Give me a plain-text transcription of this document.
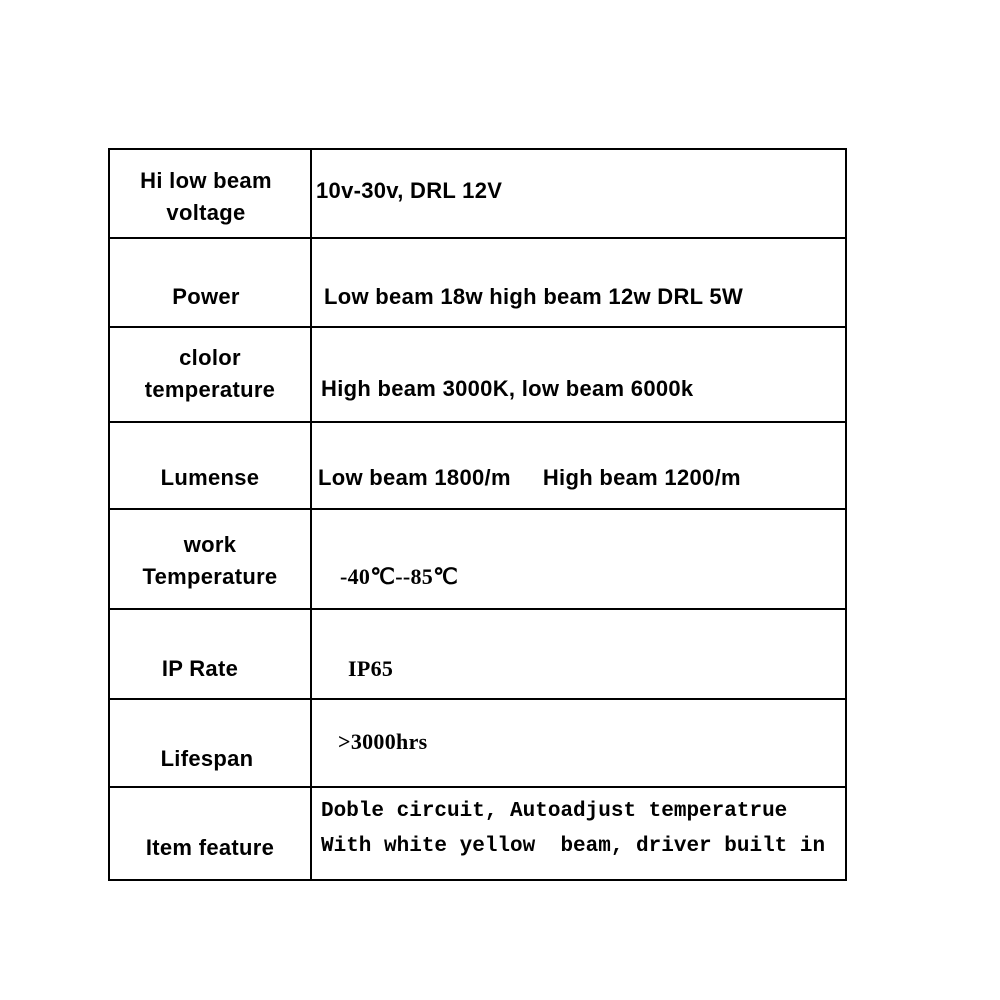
Hi low beam
voltage	10v-30v, DRL 12V

Power	Low beam 18w high beam 12w DRL 5W

clolor
temperature	High beam 3000K, low beam 6000k

Lumense	Low beam 1800/m     High beam 1200/m

work
Temperature	-40℃--85℃

IP Rate	IP65

Lifespan	>3000hrs

Item feature	Doble circuit, Autoadjust temperatrue
With white yellow  beam, driver built in
